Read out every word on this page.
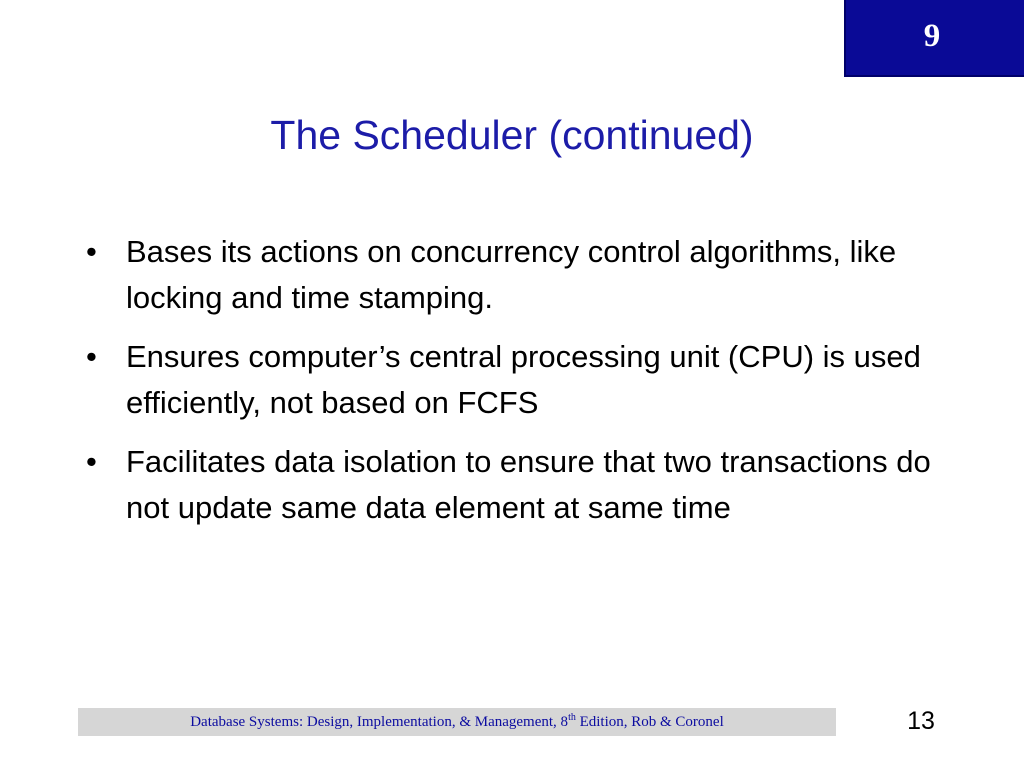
9
The Scheduler (continued)
• Bases its actions on concurrency control algorithms, like locking and time stamping.
• Ensures computer’s central processing unit (CPU) is used efficiently, not based on FCFS
• Facilitates data isolation to ensure that two transactions do not update same data element at same time
Database Systems: Design, Implementation, & Management, 8th Edition, Rob & Coronel	13
